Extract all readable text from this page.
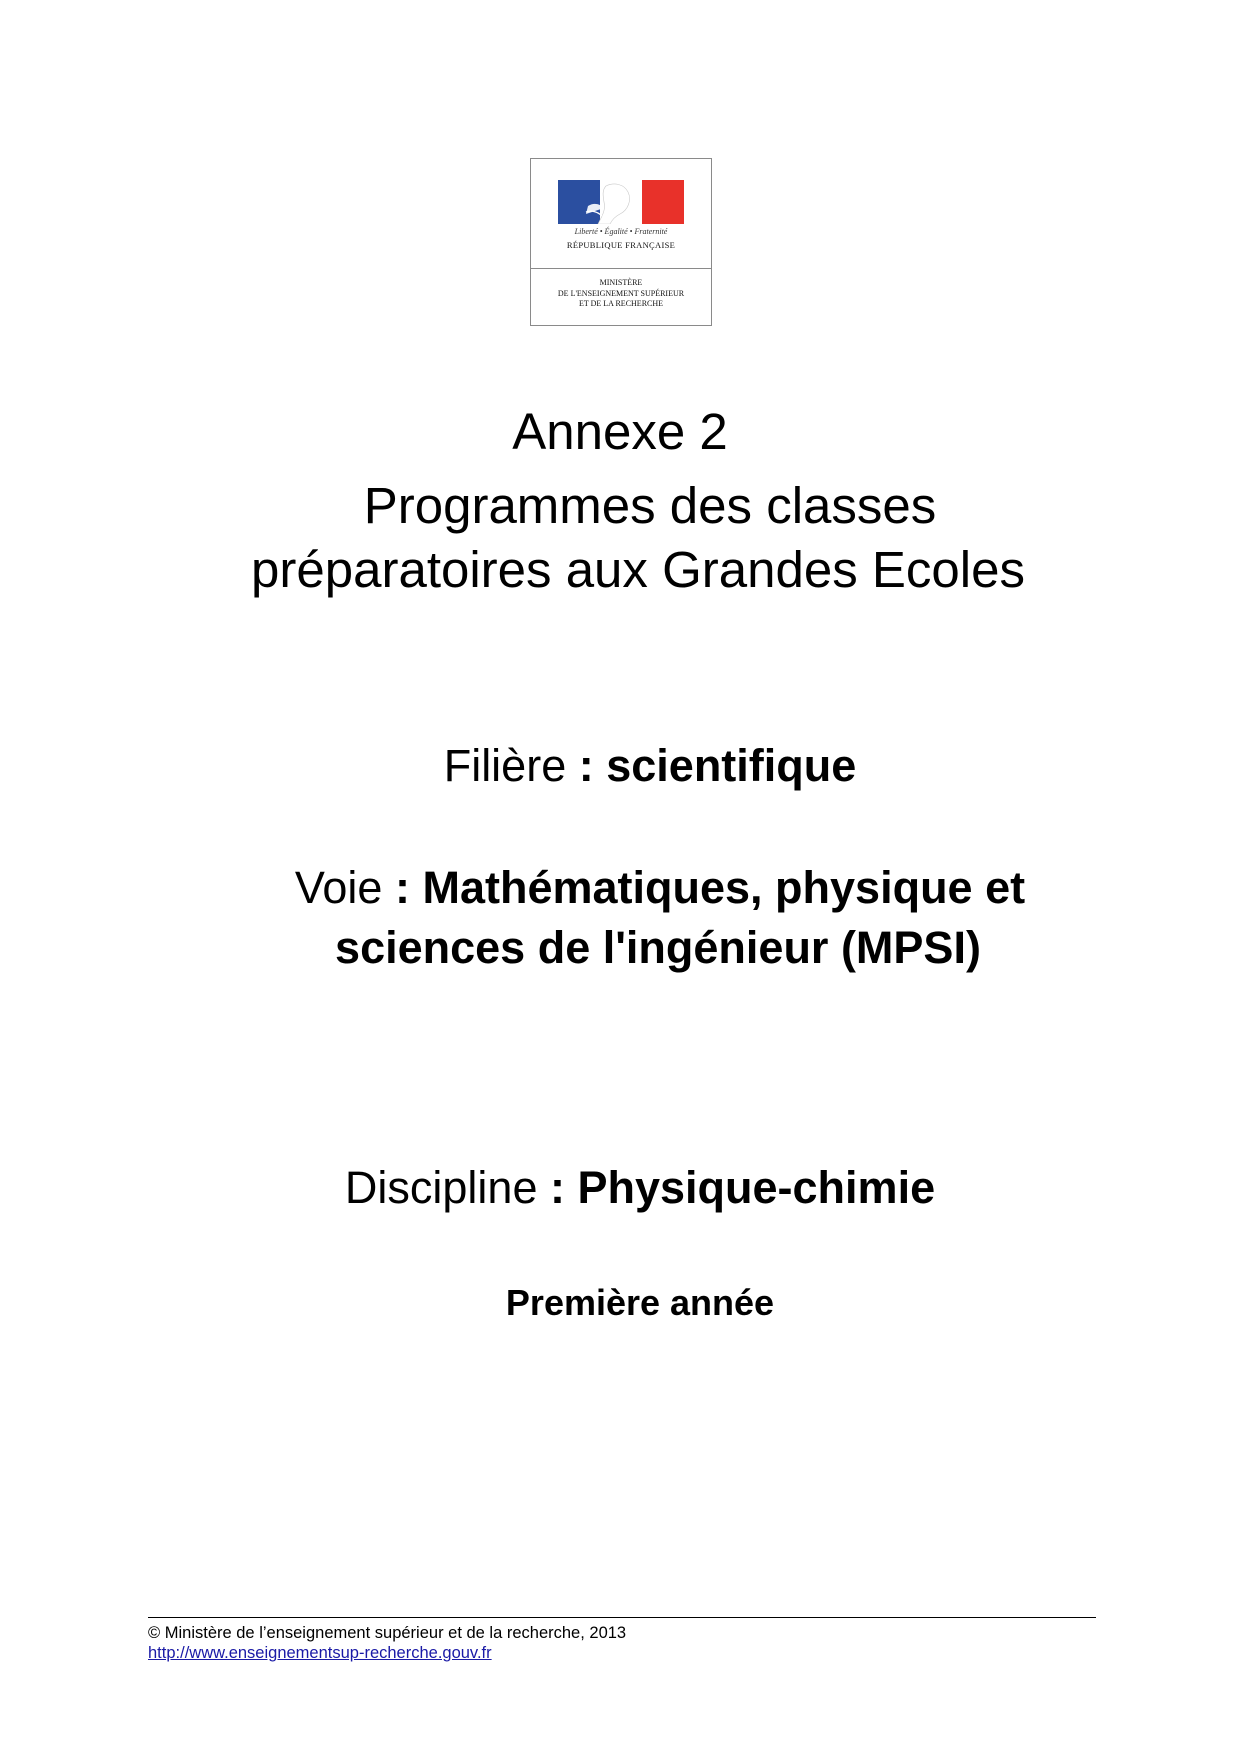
Liberté • Égalité • Fraternité
RÉPUBLIQUE FRANÇAISE
MINISTÈRE
DE L'ENSEIGNEMENT SUPÉRIEUR
ET DE LA RECHERCHE
Annexe 2
Programmes des classes
préparatoires aux Grandes Ecoles
Filière : scientifique
Voie : Mathématiques, physique et
sciences de l'ingénieur (MPSI)
Discipline : Physique-chimie
Première année
© Ministère de l’enseignement supérieur et de la recherche, 2013
http://www.enseignementsup-recherche.gouv.fr
